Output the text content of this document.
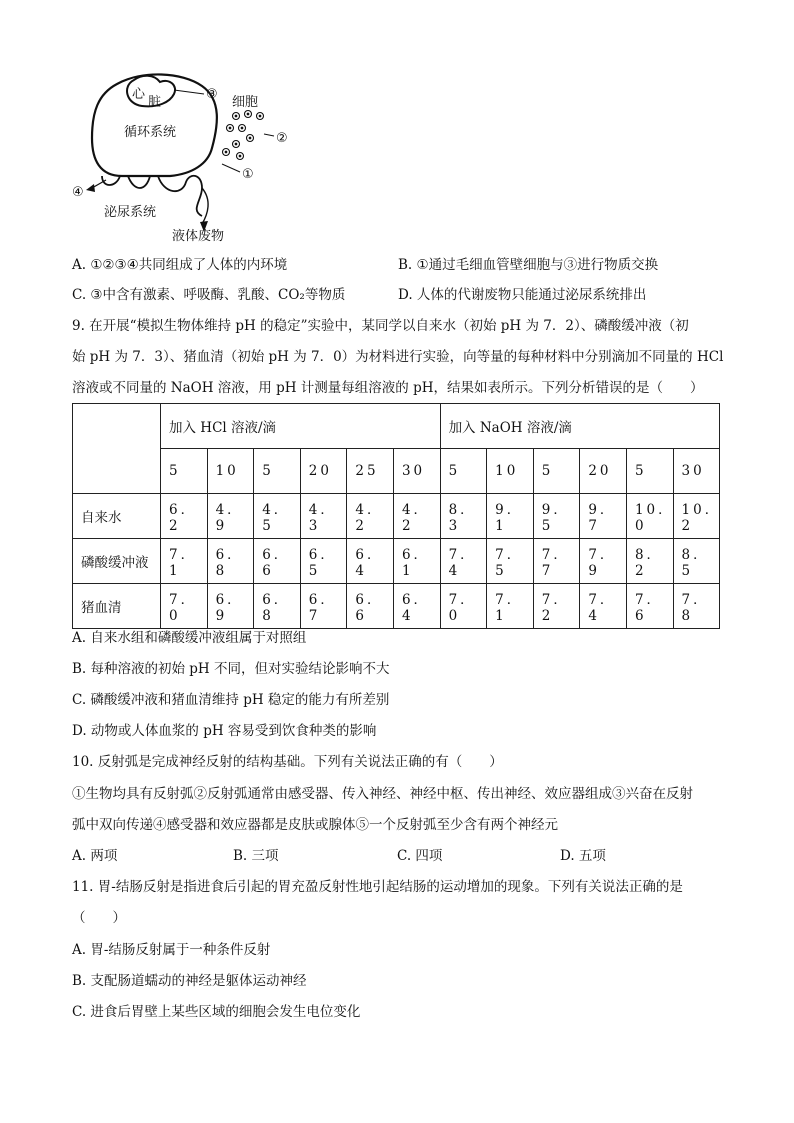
心
脏
循环系统
细胞
泌尿系统
液体废物
③
②
①
④
A. ①②③④共同组成了人体的内环境	B. ①通过毛细血管壁细胞与③进行物质交换
C. ③中含有激素、呼吸酶、乳酸、CO₂等物质	D. 人体的代谢废物只能通过泌尿系统排出
9. 在开展“模拟生物体维持 pH 的稳定”实验中，某同学以自来水（初始 pH 为 7．2）、磷酸缓冲液（初
始 pH 为 7．3）、猪血清（初始 pH 为 7．0）为材料进行实验，向等量的每种材料中分别滴加不同量的 HCl
溶液或不同量的 NaOH 溶液，用 pH 计测量每组溶液的 pH，结果如表所示。下列分析错误的是（　　）
	加入 HCl 溶液/滴						加入 NaOH 溶液/滴					
	5	10	5	20	25	30	5	10	5	20	5	30
自来水	6．2	4．9	4．5	4．3	4．2	4．2	8．3	9．1	9．5	9．7	10．0	10．2
磷酸缓冲液	7．1	6．8	6．6	6．5	6．4	6．1	7．4	7．5	7．7	7．9	8．2	8．5
猪血清	7．0	6．9	6．8	6．7	6．6	6．4	7．0	7．1	7．2	7．4	7．6	7．8
A. 自来水组和磷酸缓冲液组属于对照组
B. 每种溶液的初始 pH 不同，但对实验结论影响不大
C. 磷酸缓冲液和猪血清维持 pH 稳定的能力有所差别
D. 动物或人体血浆的 pH 容易受到饮食种类的影响
10. 反射弧是完成神经反射的结构基础。下列有关说法正确的有（　　）
①生物均具有反射弧②反射弧通常由感受器、传入神经、神经中枢、传出神经、效应器组成③兴奋在反射
弧中双向传递④感受器和效应器都是皮肤或腺体⑤一个反射弧至少含有两个神经元
A. 两项	B. 三项	C. 四项	D. 五项
11. 胃-结肠反射是指进食后引起的胃充盈反射性地引起结肠的运动增加的现象。下列有关说法正确的是
（　　）
A. 胃-结肠反射属于一种条件反射
B. 支配肠道蠕动的神经是躯体运动神经
C. 进食后胃壁上某些区域的细胞会发生电位变化
